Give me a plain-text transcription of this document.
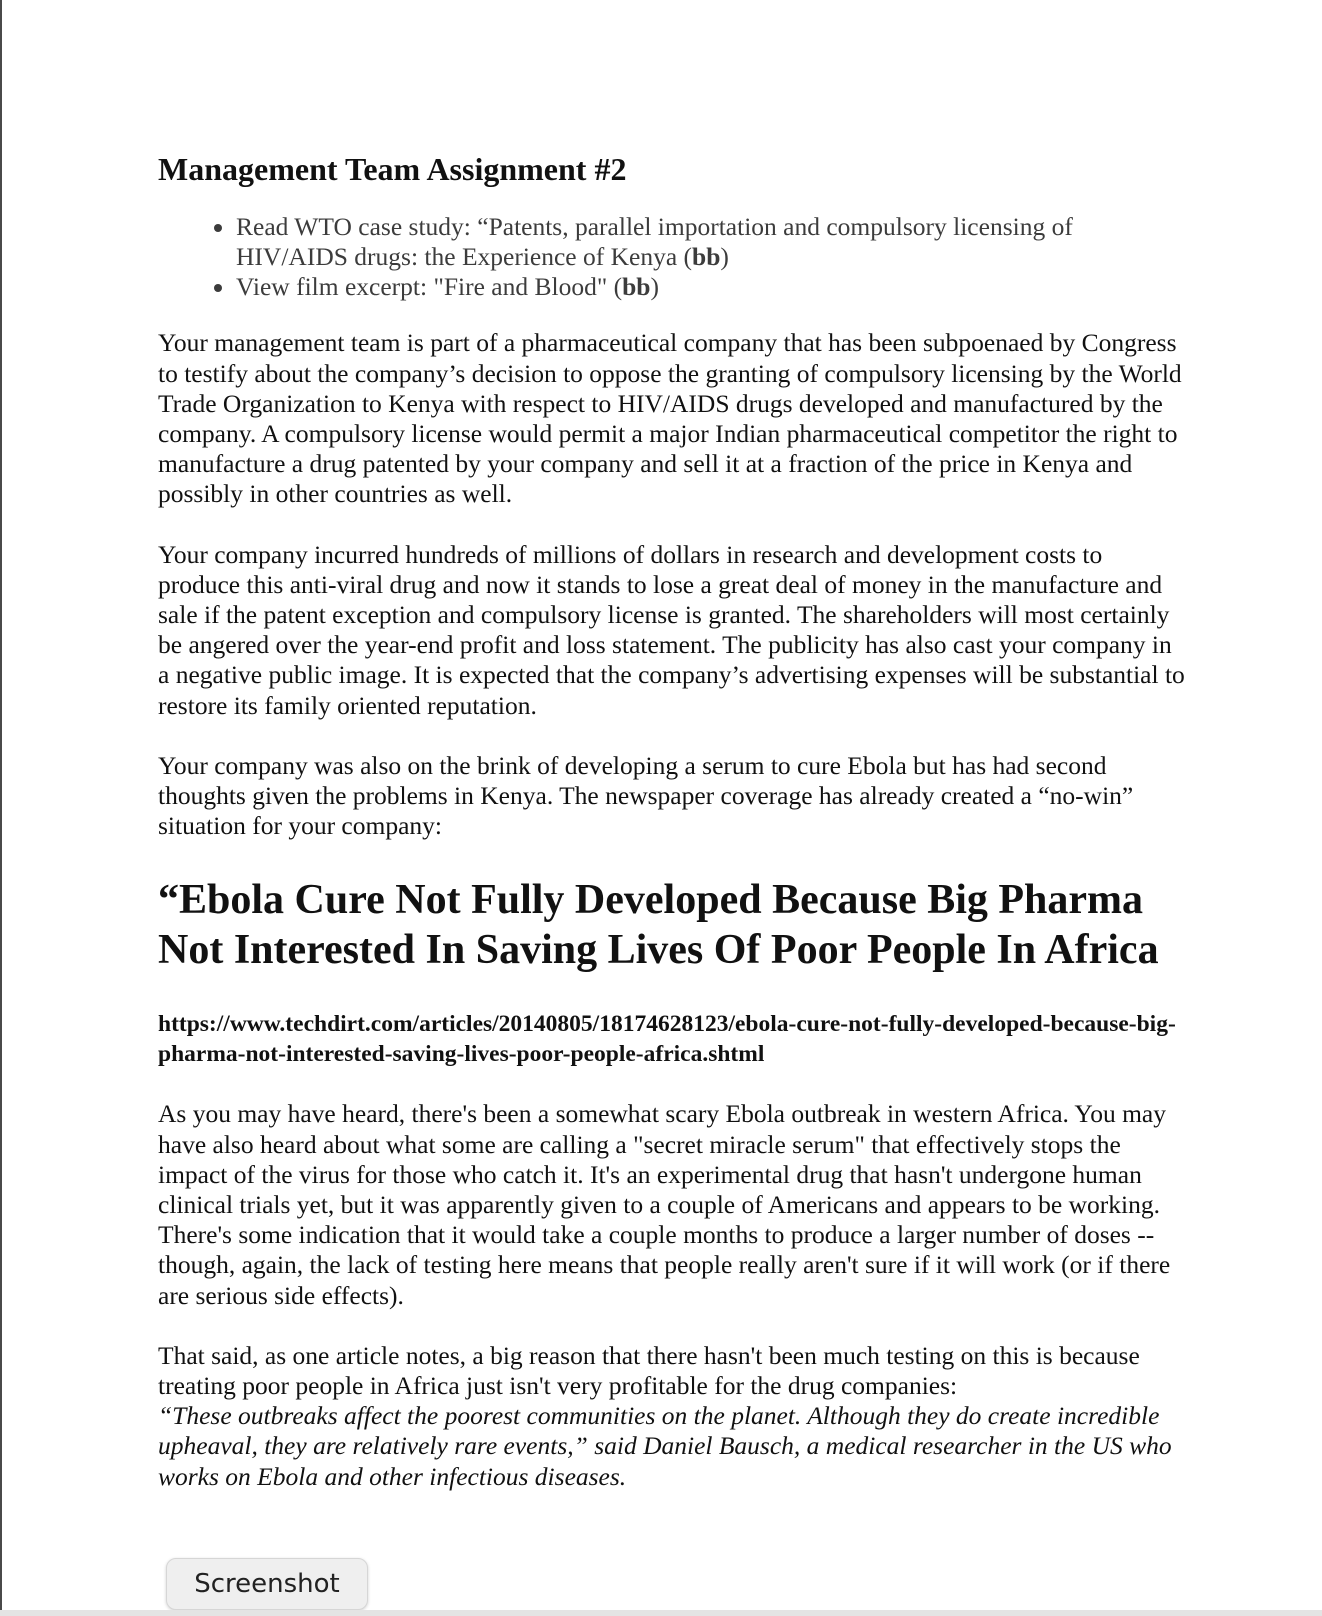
Management Team Assignment #2
• Read WTO case study: “Patents, parallel importation and compulsory licensing of HIV/AIDS drugs: the Experience of Kenya (bb)
• View film excerpt: "Fire and Blood" (bb)

Your management team is part of a pharmaceutical company that has been subpoenaed by Congress to testify about the company’s decision to oppose the granting of compulsory licensing by the World Trade Organization to Kenya with respect to HIV/AIDS drugs developed and manufactured by the company. A compulsory license would permit a major Indian pharmaceutical competitor the right to manufacture a drug patented by your company and sell it at a fraction of the price in Kenya and possibly in other countries as well.

Your company incurred hundreds of millions of dollars in research and development costs to produce this anti-viral drug and now it stands to lose a great deal of money in the manufacture and sale if the patent exception and compulsory license is granted. The shareholders will most certainly be angered over the year-end profit and loss statement. The publicity has also cast your company in a negative public image. It is expected that the company’s advertising expenses will be substantial to restore its family oriented reputation.

Your company was also on the brink of developing a serum to cure Ebola but has had second thoughts given the problems in Kenya. The newspaper coverage has already created a “no-win” situation for your company:

“Ebola Cure Not Fully Developed Because Big Pharma Not Interested In Saving Lives Of Poor People In Africa

https://www.techdirt.com/articles/20140805/18174628123/ebola-cure-not-fully-developed-because-big-pharma-not-interested-saving-lives-poor-people-africa.shtml

As you may have heard, there's been a somewhat scary Ebola outbreak in western Africa. You may have also heard about what some are calling a "secret miracle serum" that effectively stops the impact of the virus for those who catch it. It's an experimental drug that hasn't undergone human clinical trials yet, but it was apparently given to a couple of Americans and appears to be working. There's some indication that it would take a couple months to produce a larger number of doses -- though, again, the lack of testing here means that people really aren't sure if it will work (or if there are serious side effects).

That said, as one article notes, a big reason that there hasn't been much testing on this is because treating poor people in Africa just isn't very profitable for the drug companies:

“These outbreaks affect the poorest communities on the planet. Although they do create incredible upheaval, they are relatively rare events,” said Daniel Bausch, a medical researcher in the US who works on Ebola and other infectious diseases.

Screenshot
